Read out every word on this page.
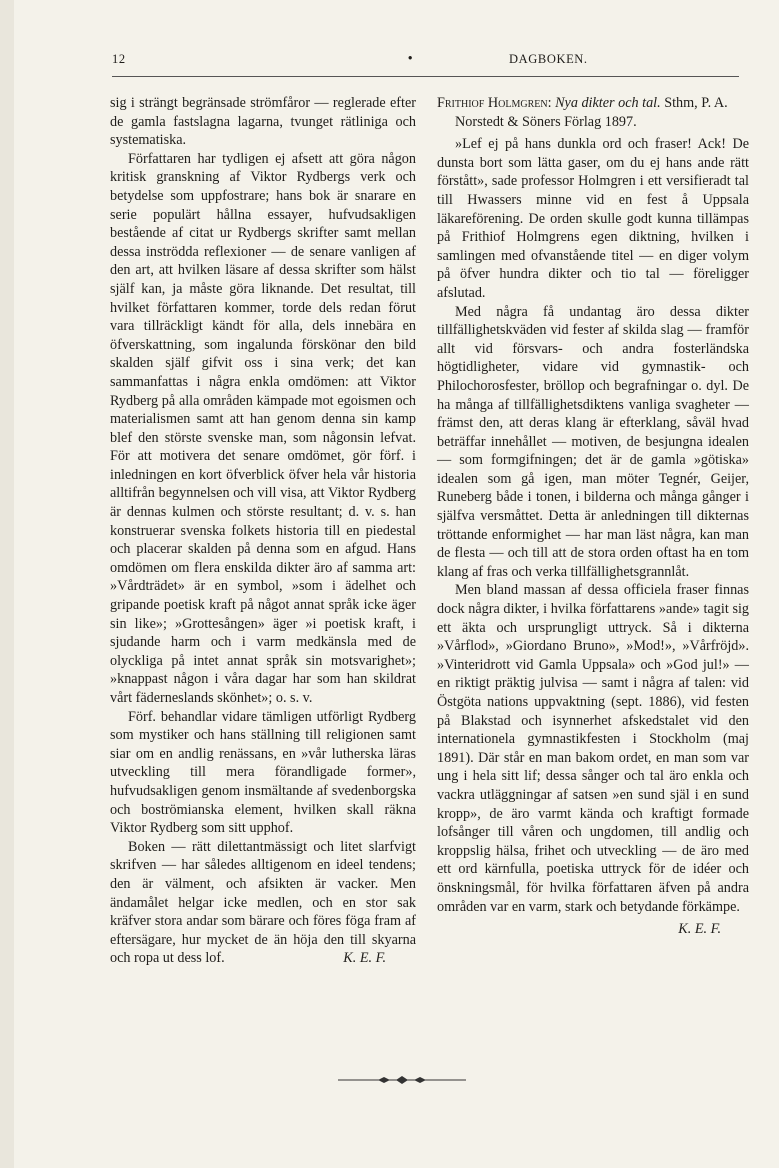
12	•	DAGBOKEN.

sig i strängt begränsade strömfåror — reglerade efter de gamla fastslagna lagarna, tvunget rätliniga och systematiska.

Författaren har tydligen ej afsett att göra någon kritisk granskning af Viktor Rydbergs verk och betydelse som uppfostrare; hans bok är snarare en serie populärt hållna essayer, hufvudsakligen bestående af citat ur Rydbergs skrifter samt mellan dessa inströdda reflexioner — de senare vanligen af den art, att hvilken läsare af dessa skrifter som hälst själf kan, ja måste göra liknande. Det resultat, till hvilket författaren kommer, torde dels redan förut vara tillräckligt kändt för alla, dels innebära en öfverskattning, som ingalunda förskönar den bild skalden själf gifvit oss i sina verk; det kan sammanfattas i några enkla omdömen: att Viktor Rydberg på alla områden kämpade mot egoismen och materialismen samt att han genom denna sin kamp blef den störste svenske man, som någonsin lefvat. För att motivera det senare omdömet, gör förf. i inledningen en kort öfverblick öfver hela vår historia alltifrån begynnelsen och vill visa, att Viktor Rydberg är dennas kulmen och störste resultant; d. v. s. han konstruerar svenska folkets historia till en piedestal och placerar skalden på denna som en afgud. Hans omdömen om flera enskilda dikter äro af samma art: »Vårdträdet» är en symbol, »som i ädelhet och gripande poetisk kraft på något annat språk icke äger sin like»; »Grottesången» äger »i poetisk kraft, i sjudande harm och i varm medkänsla med de olyckliga på intet annat språk sin motsvarighet»; »knappast någon i våra dagar har som han skildrat vårt fäderneslands skönhet»; o. s. v.

Förf. behandlar vidare tämligen utförligt Rydberg som mystiker och hans ställning till religionen samt siar om en andlig renässans, en »vår lutherska läras utveckling till mera förandligade former», hufvudsakligen genom insmältande af svedenborgska och boströmianska element, hvilken skall räkna Viktor Rydberg som sitt upphof.

Boken — rätt dilettantmässigt och litet slarfvigt skrifven — har således alltigenom en ideel tendens; den är välment, och afsikten är vacker. Men ändamålet helgar icke medlen, och en stor sak kräfver stora andar som bärare och föres föga fram af eftersägare, hur mycket de än höja den till skyarna och ropa ut dess lof.	K. E. F.

Frithiof Holmgren: Nya dikter och tal. Sthm, P. A. Norstedt & Söners Förlag 1897.

»Lef ej på hans dunkla ord och fraser! Ack! De dunsta bort som lätta gaser, om du ej hans ande rätt förstått», sade professor Holmgren i ett versifieradt tal till Hwassers minne vid en fest å Uppsala läkareförening. De orden skulle godt kunna tillämpas på Frithiof Holmgrens egen diktning, hvilken i samlingen med ofvanstående titel — en diger volym på öfver hundra dikter och tio tal — föreligger afslutad.

Med några få undantag äro dessa dikter tillfällighetskväden vid fester af skilda slag — framför allt vid försvars- och andra fosterländska högtidligheter, vidare vid gymnastik- och Philochorosfester, bröllop och begrafningar o. dyl. De ha många af tillfällighetsdiktens vanliga svagheter — främst den, att deras klang är efterklang, såväl hvad beträffar innehållet — motiven, de besjungna idealen — som formgifningen; det är de gamla »götiska» idealen som gå igen, man möter Tegnér, Geijer, Runeberg både i tonen, i bilderna och många gånger i själfva versmåttet. Detta är anledningen till dikternas tröttande enformighet — har man läst några, kan man de flesta — och till att de stora orden oftast ha en tom klang af fras och verka tillfällighetsgrannlåt.

Men bland massan af dessa officiela fraser finnas dock några dikter, i hvilka författarens »ande» tagit sig ett äkta och ursprungligt uttryck. Så i dikterna »Vårflod», »Giordano Bruno», »Mod!», »Vårfröjd». »Vinteridrott vid Gamla Uppsala» och »God jul!» — en riktigt präktig julvisa — samt i några af talen: vid Östgöta nations uppvaktning (sept. 1886), vid festen på Blakstad och isynnerhet afskedstalet vid den internationela gymnastikfesten i Stockholm (maj 1891). Där står en man bakom ordet, en man som var ung i hela sitt lif; dessa sånger och tal äro enkla och vackra utläggningar af satsen »en sund själ i en sund kropp», de äro varmt kända och kraftigt formade lofsånger till våren och ungdomen, till andlig och kroppslig hälsa, frihet och utveckling — de äro med ett ord kärnfulla, poetiska uttryck för de idéer och önskningsmål, för hvilka författaren äfven på andra områden var en varm, stark och betydande förkämpe.

K. E. F.
